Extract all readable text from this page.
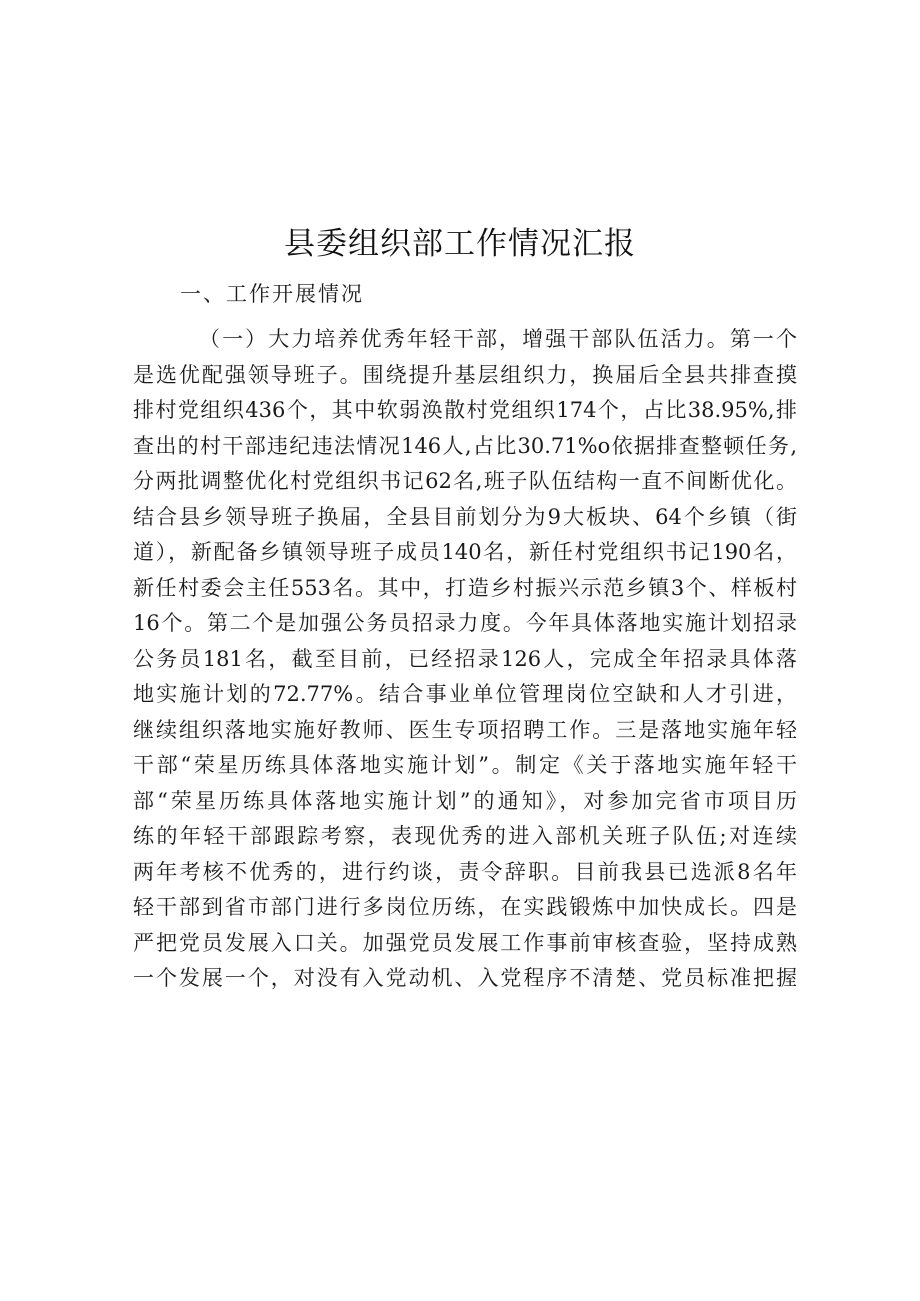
县委组织部工作情况汇报
一、工作开展情况
（一）大力培养优秀年轻干部，增强干部队伍活力。第一个
是选优配强领导班子。围绕提升基层组织力，换届后全县共排查摸
排村党组织436个，其中软弱涣散村党组织174个，占比38.95%,排
查出的村干部违纪违法情况146人,占比30.71%o依据排查整顿任务,
分两批调整优化村党组织书记62名,班子队伍结构一直不间断优化。
结合县乡领导班子换届，全县目前划分为9大板块、64个乡镇（街
道），新配备乡镇领导班子成员140名，新任村党组织书记190名，
新任村委会主任553名。其中，打造乡村振兴示范乡镇3个、样板村
16个。第二个是加强公务员招录力度。今年具体落地实施计划招录
公务员181名，截至目前，已经招录126人，完成全年招录具体落
地实施计划的72.77%。结合事业单位管理岗位空缺和人才引进，
继续组织落地实施好教师、医生专项招聘工作。三是落地实施年轻
干部“荣星历练具体落地实施计划”。制定《关于落地实施年轻干
部“荣星历练具体落地实施计划”的通知》，对参加完省市项目历
练的年轻干部跟踪考察，表现优秀的进入部机关班子队伍;对连续
两年考核不优秀的，进行约谈，责令辞职。目前我县已选派8名年
轻干部到省市部门进行多岗位历练，在实践锻炼中加快成长。四是
严把党员发展入口关。加强党员发展工作事前审核查验，坚持成熟
一个发展一个，对没有入党动机、入党程序不清楚、党员标准把握
